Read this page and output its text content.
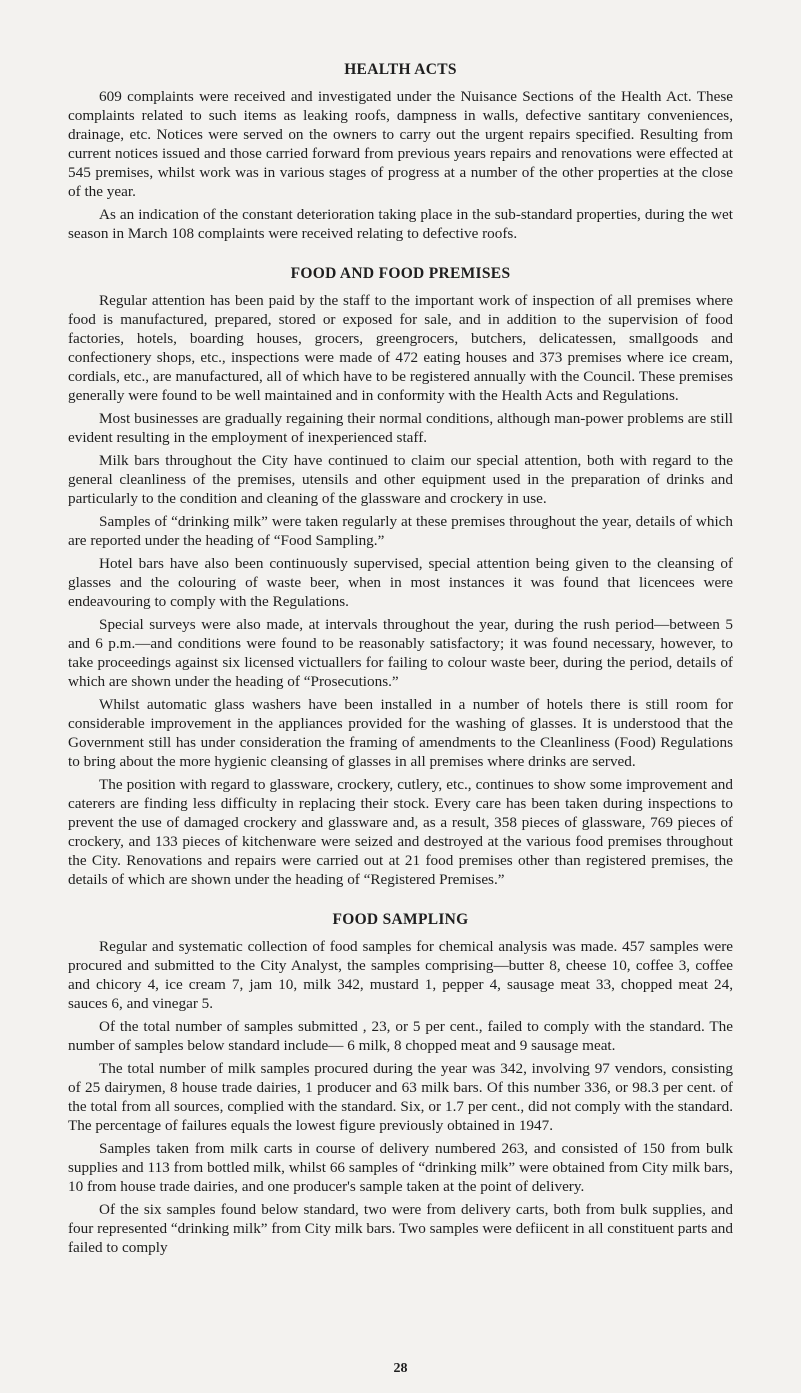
HEALTH ACTS

609 complaints were received and investigated under the Nuisance Sections of the Health Act. These complaints related to such items as leaking roofs, dampness in walls, defective santitary conveniences, drainage, etc. Notices were served on the owners to carry out the urgent repairs specified. Resulting from current notices issued and those carried forward from previous years repairs and renovations were effected at 545 premises, whilst work was in various stages of progress at a number of the other properties at the close of the year.

As an indication of the constant deterioration taking place in the sub-standard properties, during the wet season in March 108 complaints were received relating to defective roofs.

FOOD AND FOOD PREMISES

Regular attention has been paid by the staff to the important work of inspection of all premises where food is manufactured, prepared, stored or exposed for sale, and in addition to the supervision of food factories, hotels, boarding houses, grocers, greengrocers, butchers, delicatessen, smallgoods and confectionery shops, etc., inspections were made of 472 eating houses and 373 premises where ice cream, cordials, etc., are manufactured, all of which have to be registered annually with the Council. These premises generally were found to be well maintained and in conformity with the Health Acts and Regulations.

Most businesses are gradually regaining their normal conditions, although man-power problems are still evident resulting in the employment of inexperienced staff.

Milk bars throughout the City have continued to claim our special attention, both with regard to the general cleanliness of the premises, utensils and other equipment used in the preparation of drinks and particularly to the condition and cleaning of the glassware and crockery in use.

Samples of “drinking milk” were taken regularly at these premises throughout the year, details of which are reported under the heading of “Food Sampling.”

Hotel bars have also been continuously supervised, special attention being given to the cleansing of glasses and the colouring of waste beer, when in most instances it was found that licencees were endeavouring to comply with the Regulations.

Special surveys were also made, at intervals throughout the year, during the rush period—between 5 and 6 p.m.—and conditions were found to be reasonably satisfactory; it was found necessary, however, to take proceedings against six licensed victuallers for failing to colour waste beer, during the period, details of which are shown under the heading of “Prosecutions.”

Whilst automatic glass washers have been installed in a number of hotels there is still room for considerable improvement in the appliances provided for the washing of glasses. It is understood that the Government still has under consideration the framing of amendments to the Cleanliness (Food) Regulations to bring about the more hygienic cleansing of glasses in all premises where drinks are served.

The position with regard to glassware, crockery, cutlery, etc., continues to show some improvement and caterers are finding less difficulty in replacing their stock. Every care has been taken during inspections to prevent the use of damaged crockery and glassware and, as a result, 358 pieces of glassware, 769 pieces of crockery, and 133 pieces of kitchenware were seized and destroyed at the various food premises throughout the City. Renovations and repairs were carried out at 21 food premises other than registered premises, the details of which are shown under the heading of “Registered Premises.”

FOOD SAMPLING

Regular and systematic collection of food samples for chemical analysis was made. 457 samples were procured and submitted to the City Analyst, the samples comprising—butter 8, cheese 10, coffee 3, coffee and chicory 4, ice cream 7, jam 10, milk 342, mustard 1, pepper 4, sausage meat 33, chopped meat 24, sauces 6, and vinegar 5.

Of the total number of samples submitted , 23, or 5 per cent., failed to comply with the standard. The number of samples below standard include— 6 milk, 8 chopped meat and 9 sausage meat.

The total number of milk samples procured during the year was 342, involving 97 vendors, consisting of 25 dairymen, 8 house trade dairies, 1 producer and 63 milk bars. Of this number 336, or 98.3 per cent. of the total from all sources, complied with the standard. Six, or 1.7 per cent., did not comply with the standard. The percentage of failures equals the lowest figure previously obtained in 1947.

Samples taken from milk carts in course of delivery numbered 263, and consisted of 150 from bulk supplies and 113 from bottled milk, whilst 66 samples of “drinking milk” were obtained from City milk bars, 10 from house trade dairies, and one producer's sample taken at the point of delivery.

Of the six samples found below standard, two were from delivery carts, both from bulk supplies, and four represented “drinking milk” from City milk bars. Two samples were defiicent in all constituent parts and failed to comply

28
